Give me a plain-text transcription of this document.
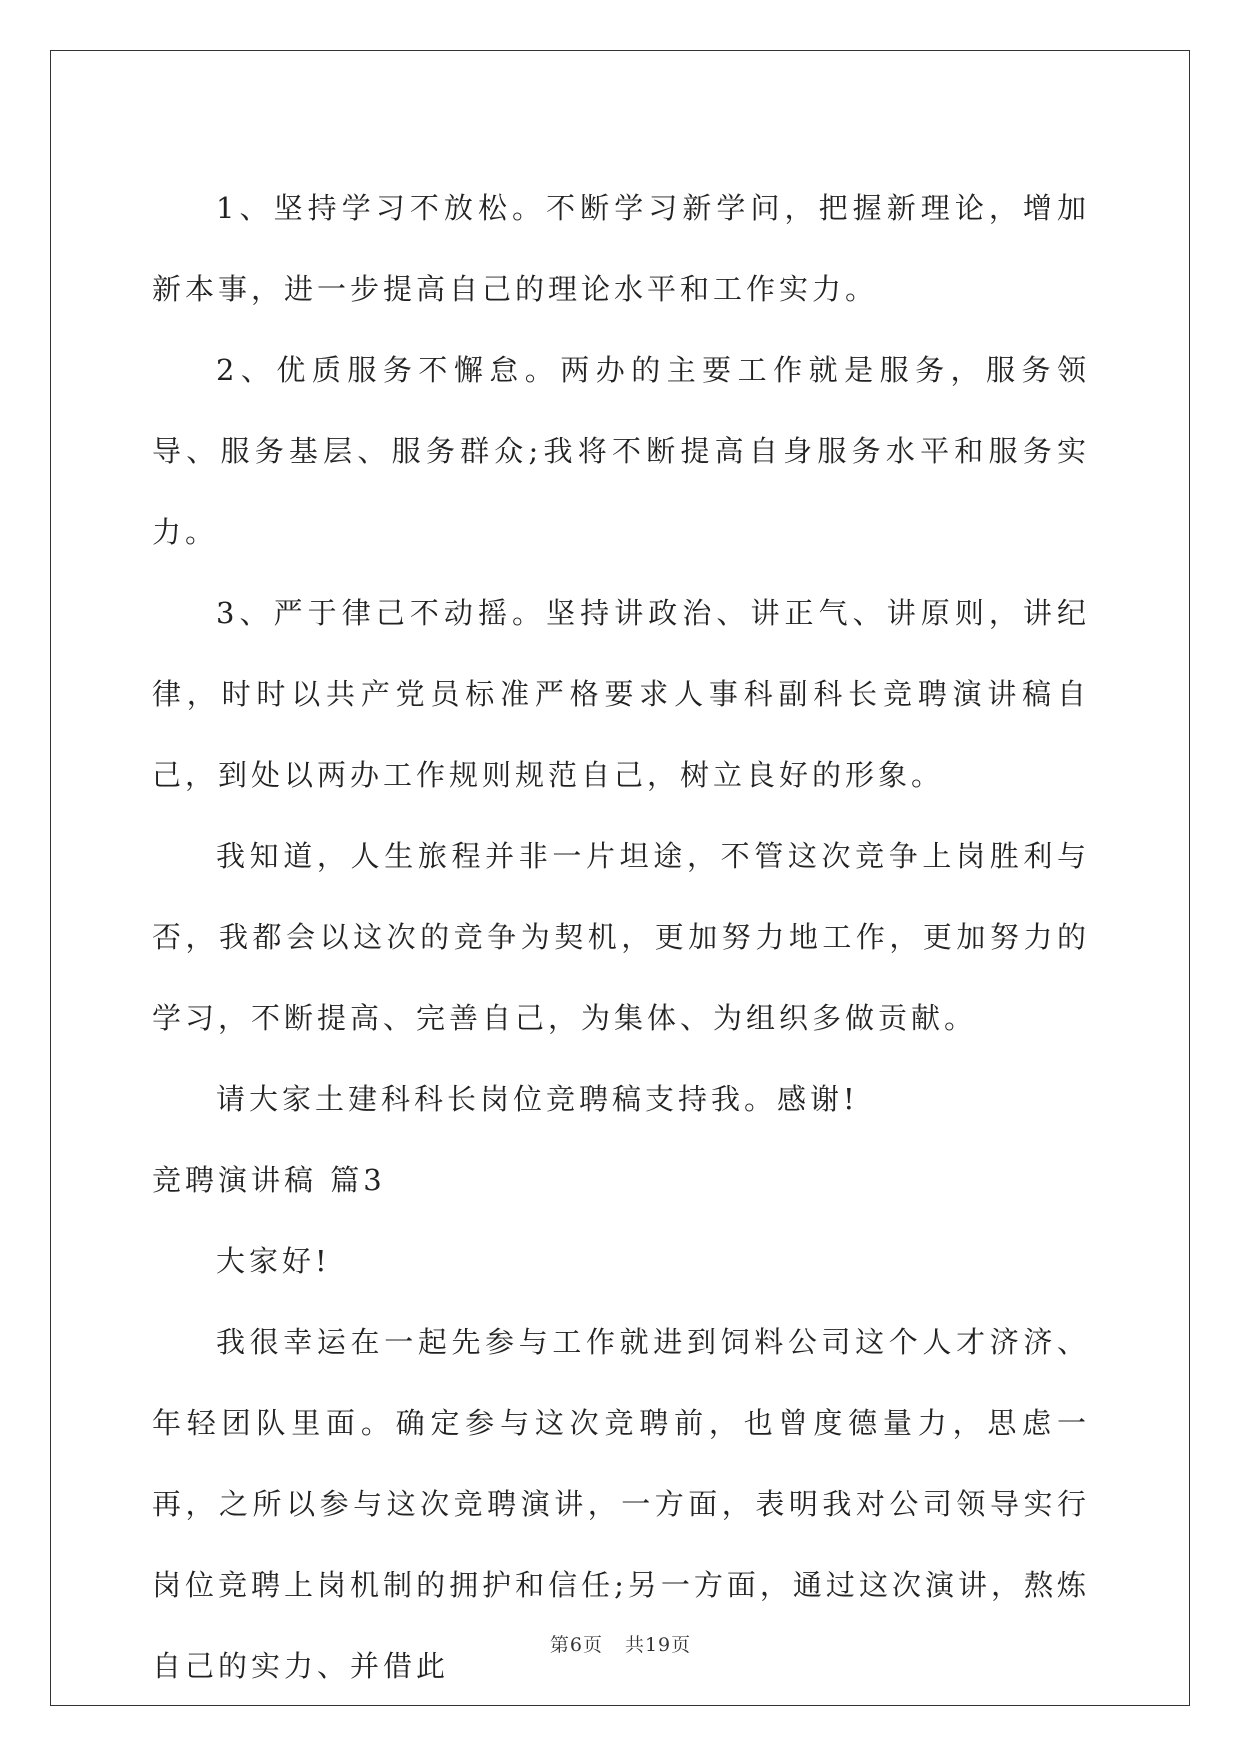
1、坚持学习不放松。不断学习新学问，把握新理论，增加新本事，进一步提高自己的理论水平和工作实力。

2、优质服务不懈怠。两办的主要工作就是服务，服务领导、服务基层、服务群众;我将不断提高自身服务水平和服务实力。

3、严于律己不动摇。坚持讲政治、讲正气、讲原则，讲纪律，时时以共产党员标准严格要求人事科副科长竞聘演讲稿自己，到处以两办工作规则规范自己，树立良好的形象。

我知道，人生旅程并非一片坦途，不管这次竞争上岗胜利与否，我都会以这次的竞争为契机，更加努力地工作，更加努力的学习，不断提高、完善自己，为集体、为组织多做贡献。

请大家土建科科长岗位竞聘稿支持我。感谢!

竞聘演讲稿 篇3

大家好!

我很幸运在一起先参与工作就进到饲料公司这个人才济济、年轻团队里面。确定参与这次竞聘前，也曾度德量力，思虑一再，之所以参与这次竞聘演讲，一方面，表明我对公司领导实行岗位竞聘上岗机制的拥护和信任;另一方面，通过这次演讲，熬炼自己的实力、并借此

第6页 共19页
